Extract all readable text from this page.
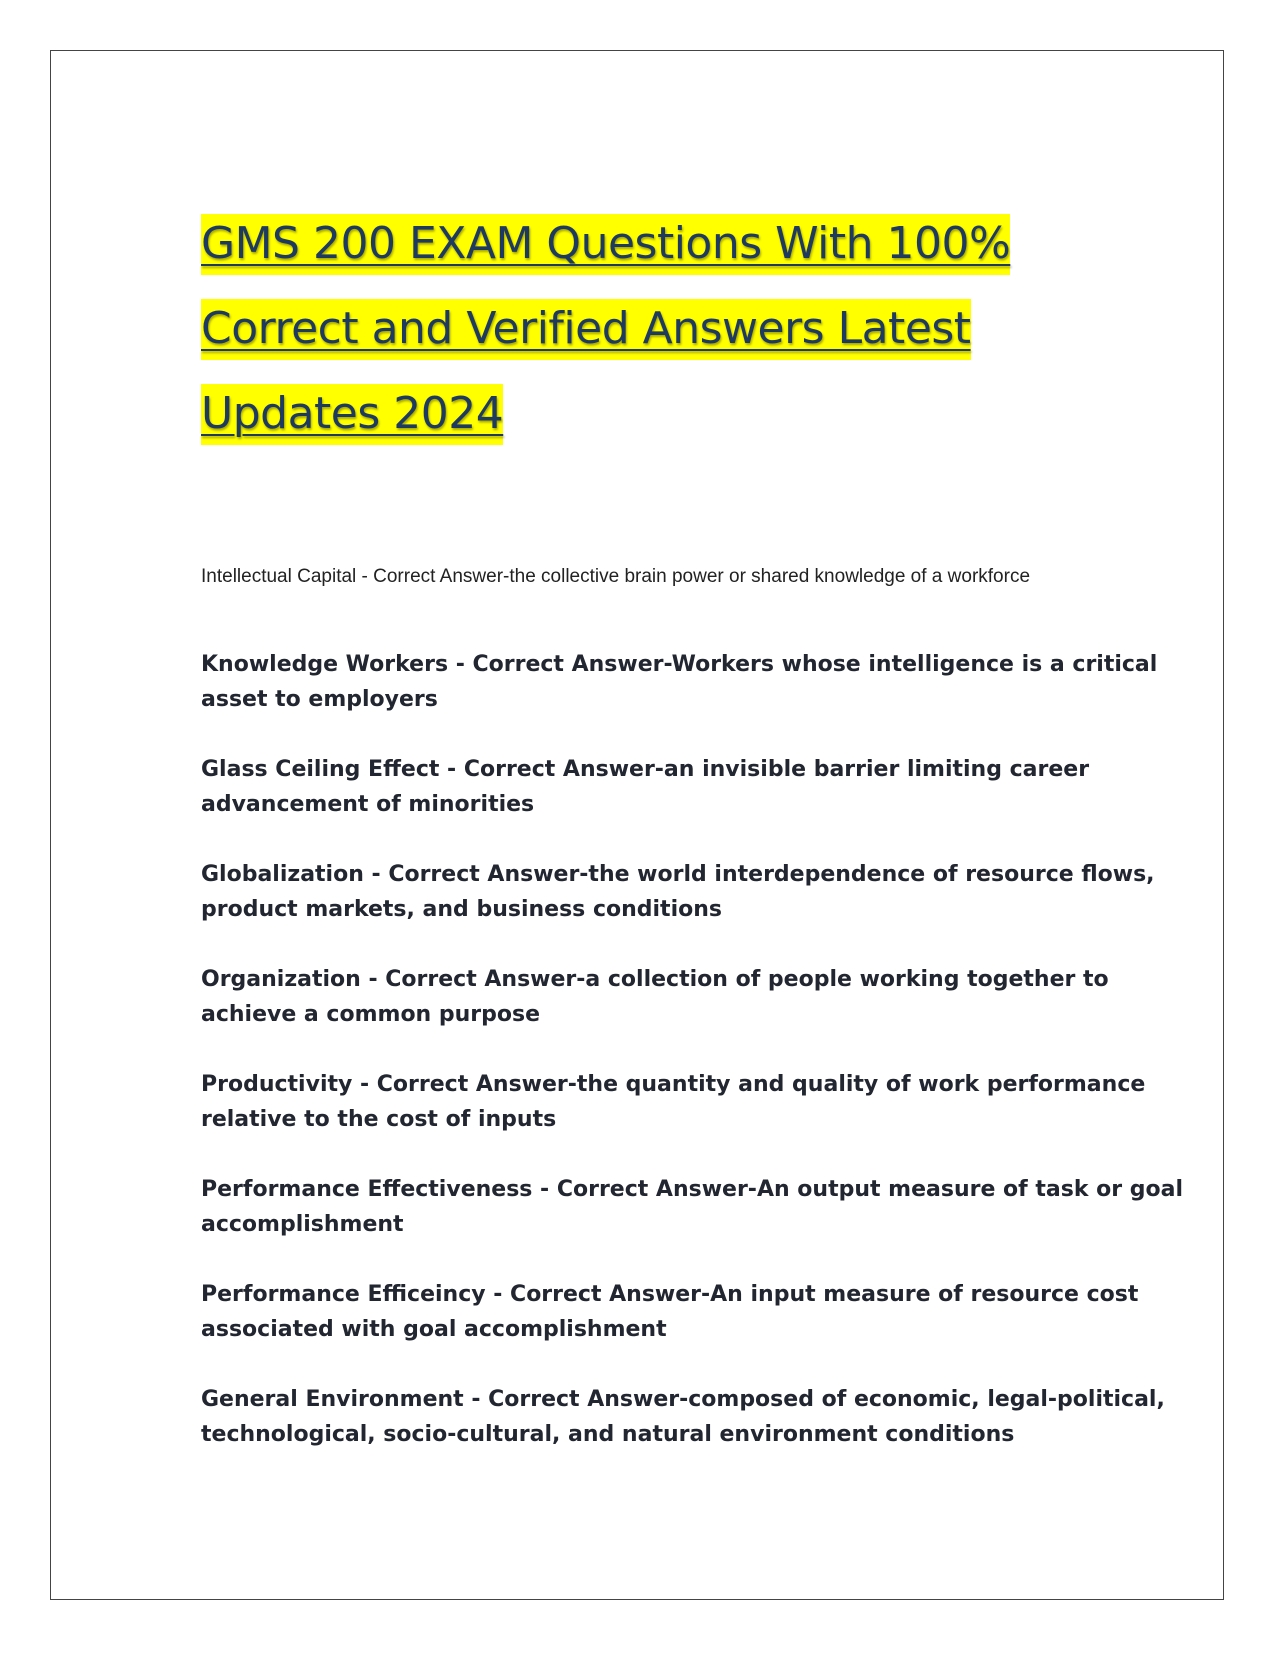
GMS 200 EXAM Questions With 100%
Correct and Verified Answers Latest
Updates 2024

Intellectual Capital - Correct Answer-the collective brain power or shared knowledge of a workforce

Knowledge Workers - Correct Answer-Workers whose intelligence is a critical asset to employers
Glass Ceiling Effect - Correct Answer-an invisible barrier limiting career advancement of minorities
Globalization - Correct Answer-the world interdependence of resource flows, product markets, and business conditions
Organization - Correct Answer-a collection of people working together to achieve a common purpose
Productivity - Correct Answer-the quantity and quality of work performance relative to the cost of inputs
Performance Effectiveness - Correct Answer-An output measure of task or goal accomplishment
Performance Efficeincy - Correct Answer-An input measure of resource cost associated with goal accomplishment
General Environment - Correct Answer-composed of economic, legal-political, technological, socio-cultural, and natural environment conditions
